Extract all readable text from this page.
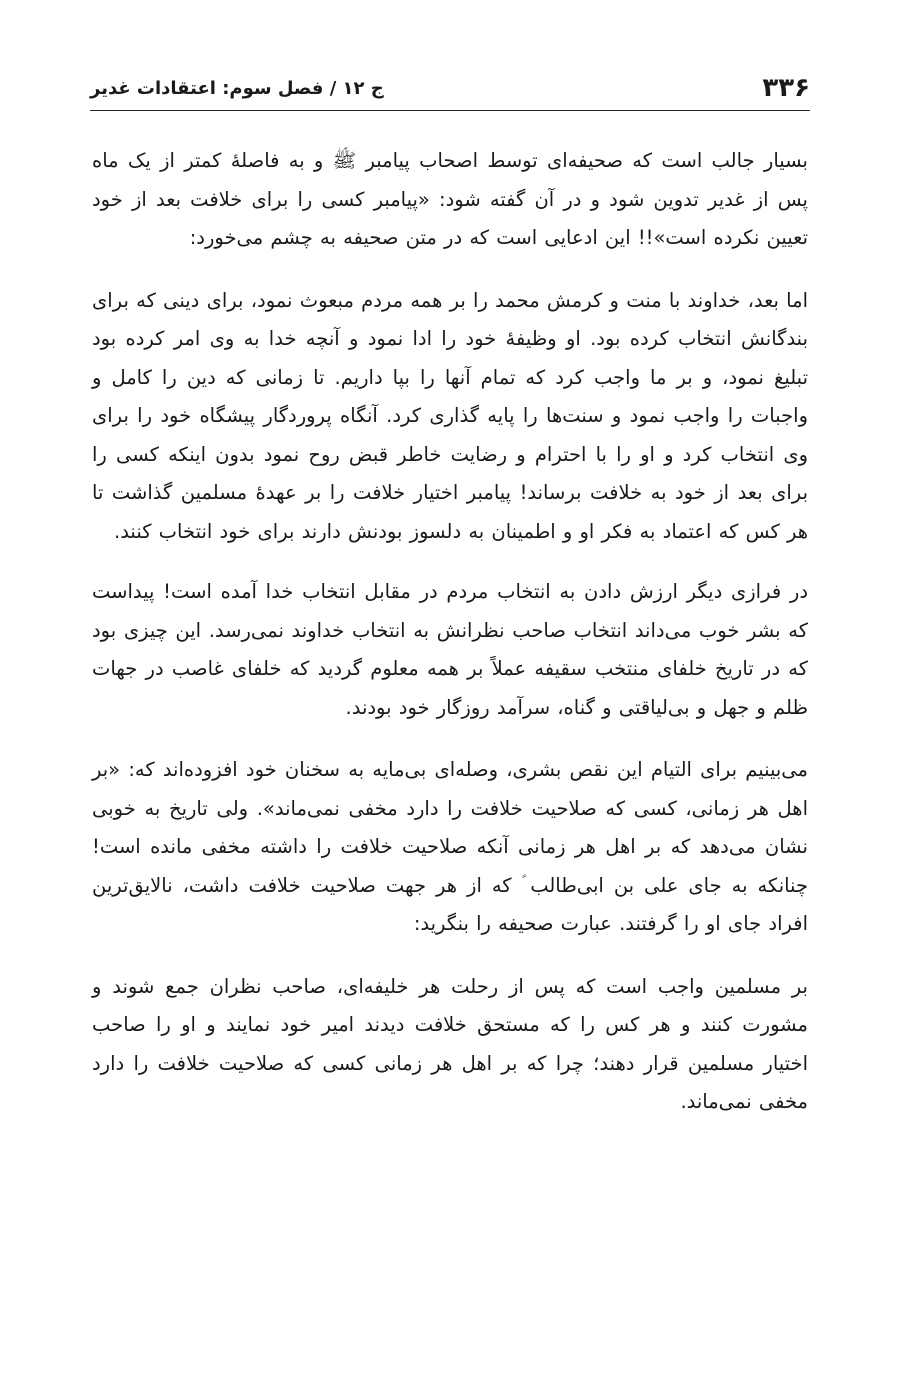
۳۳۶
ج ۱۲ / فصل سوم: اعتقادات غدیر

بسیار جالب است که صحیفه‌ای توسط اصحاب پیامبر ﷺ و به فاصلهٔ کمتر از یک ماه پس از غدیر تدوین شود و در آن گفته شود: «پیامبر کسی را برای خلافت بعد از خود تعیین نکرده است»!! این ادعایی است که در متن صحیفه به چشم می‌خورد:

اما بعد، خداوند با منت و کرمش محمد را بر همه مردم مبعوث نمود، برای دینی که برای بندگانش انتخاب کرده بود. او وظیفهٔ خود را ادا نمود و آنچه خدا به وی امر کرده بود تبلیغ نمود، و بر ما واجب کرد که تمام آنها را بپا داریم. تا زمانی که دین را کامل و واجبات را واجب نمود و سنت‌ها را پایه گذاری کرد. آنگاه پروردگار پیشگاه خود را برای وی انتخاب کرد و او را با احترام و رضایت خاطر قبض روح نمود بدون اینکه کسی را برای بعد از خود به خلافت برساند! پیامبر اختیار خلافت را بر عهدهٔ مسلمین گذاشت تا هر کس که اعتماد به فکر او و اطمینان به دلسوز بودنش دارند برای خود انتخاب کنند.

در فرازی دیگر ارزش دادن به انتخاب مردم در مقابل انتخاب خدا آمده است! پیداست که بشر خوب می‌داند انتخاب صاحب نظرانش به انتخاب خداوند نمی‌رسد. این چیزی بود که در تاریخ خلفای منتخب سقیفه عملاً بر همه معلوم گردید که خلفای غاصب در جهات ظلم و جهل و بی‌لیاقتی و گناه، سرآمد روزگار خود بودند.

می‌بینیم برای التیام این نقص بشری، وصله‌ای بی‌مایه به سخنان خود افزوده‌اند که: «بر اهل هر زمانی، کسی که صلاحیت خلافت را دارد مخفی نمی‌ماند». ولی تاریخ به خوبی نشان می‌دهد که بر اهل هر زمانی آنکه صلاحیت خلافت را داشته مخفی مانده است! چنانکه به جای علی بن ابی‌طالب ؑ که از هر جهت صلاحیت خلافت داشت، نالایق‌ترین افراد جای او را گرفتند. عبارت صحیفه را بنگرید:

بر مسلمین واجب است که پس از رحلت هر خلیفه‌ای، صاحب نظران جمع شوند و مشورت کنند و هر کس را که مستحق خلافت دیدند امیر خود نمایند و او را صاحب اختیار مسلمین قرار دهند؛ چرا که بر اهل هر زمانی کسی که صلاحیت خلافت را دارد مخفی نمی‌ماند.
